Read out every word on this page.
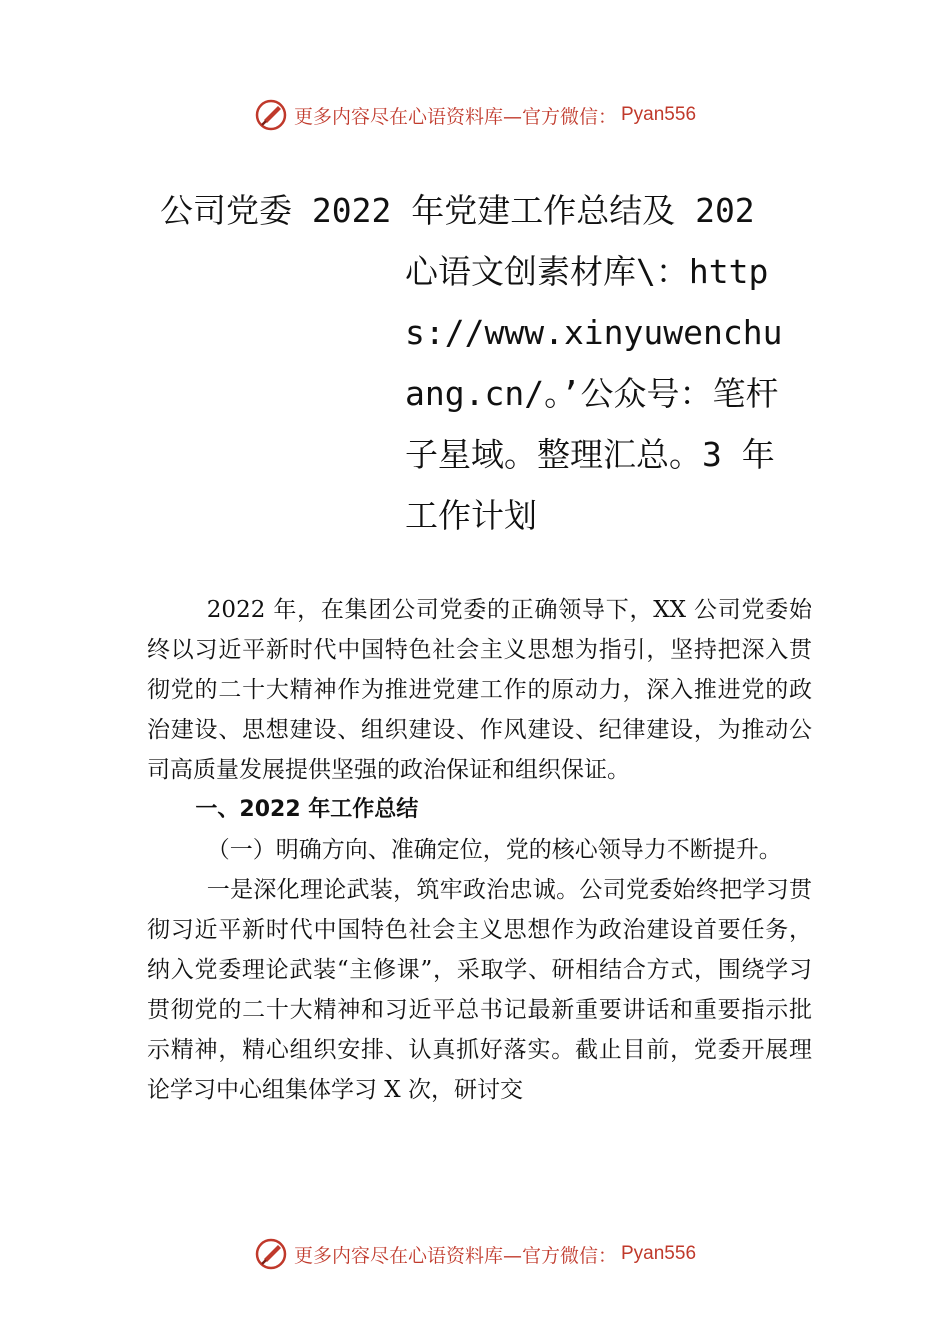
更多内容尽在心语资料库—官方微信： Pyan556
公司党委 2022 年党建工作总结及 202
心语文创素材库\：https://www.xinyuwenchuang.cn/。’公众号：笔杆子星域。整理汇总。3 年工作计划

2022 年，在集团公司党委的正确领导下，XX 公司党委始终以习近平新时代中国特色社会主义思想为指引，坚持把深入贯彻党的二十大精神作为推进党建工作的原动力，深入推进党的政治建设、思想建设、组织建设、作风建设、纪律建设，为推动公司高质量发展提供坚强的政治保证和组织保证。

一、2022 年工作总结

（一）明确方向、准确定位，党的核心领导力不断提升。

一是深化理论武装，筑牢政治忠诚。公司党委始终把学习贯彻习近平新时代中国特色社会主义思想作为政治建设首要任务，纳入党委理论武装“主修课”，采取学、研相结合方式，围绕学习贯彻党的二十大精神和习近平总书记最新重要讲话和重要指示批示精神，精心组织安排、认真抓好落实。截止目前，党委开展理论学习中心组集体学习 X 次，研讨交

更多内容尽在心语资料库—官方微信： Pyan556
